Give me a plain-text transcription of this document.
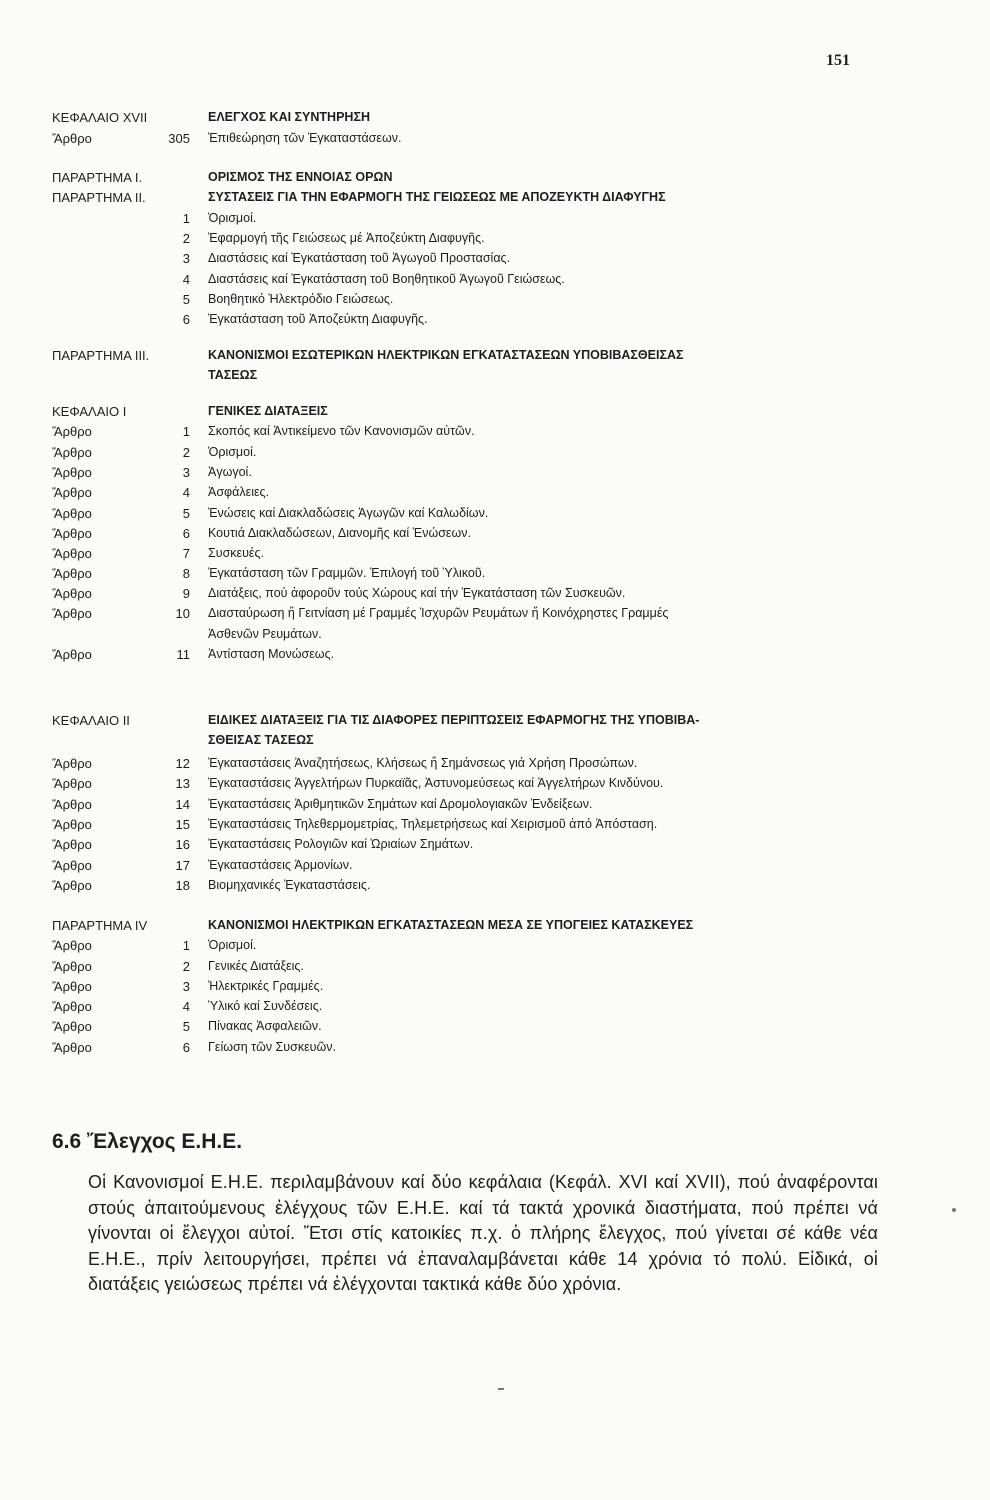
151
ΚΕΦΑΛΑΙΟ XVII	ΕΛΕΓΧΟΣ ΚΑΙ ΣΥΝΤΗΡΗΣΗ
Ἄρθρο	305 Ἐπιθεώρηση τῶν Ἐγκαταστάσεων.
ΠΑΡΑΡΤΗΜΑ Ι.	ΟΡΙΣΜΟΣ ΤΗΣ ΕΝΝΟΙΑΣ ΟΡΩΝ
ΠΑΡΑΡΤΗΜΑ ΙΙ.	ΣΥΣΤΑΣΕΙΣ ΓΙΑ ΤΗΝ ΕΦΑΡΜΟΓΗ ΤΗΣ ΓΕΙΩΣΕΩΣ ΜΕ ΑΠΟΖΕΥΚΤΗ ΔΙΑΦΥΓΗΣ
1 Ὁρισμοί.
2 Ἐφαρμογή τῆς Γειώσεως μέ Ἀποζεύκτη Διαφυγῆς.
3 Διαστάσεις καί Ἐγκατάσταση τοῦ Ἀγωγοῦ Προστασίας.
4 Διαστάσεις καί Ἐγκατάσταση τοῦ Βοηθητικοῦ Ἀγωγοῦ Γειώσεως.
5 Βοηθητικό Ἠλεκτρόδιο Γειώσεως.
6 Ἐγκατάσταση τοῦ Ἀποζεύκτη Διαφυγῆς.
ΠΑΡΑΡΤΗΜΑ ΙΙΙ.	ΚΑΝΟΝΙΣΜΟΙ ΕΣΩΤΕΡΙΚΩΝ ΗΛΕΚΤΡΙΚΩΝ ΕΓΚΑΤΑΣΤΑΣΕΩΝ ΥΠΟΒΙΒΑΣΘΕΙΣΑΣ
ΤΑΣΕΩΣ
ΚΕΦΑΛΑΙΟ Ι	ΓΕΝΙΚΕΣ ΔΙΑΤΑΞΕΙΣ
Ἄρθρο	1 Σκοπός καί Ἀντικείμενο τῶν Κανονισμῶν αὐτῶν.
Ἄρθρο	2 Ὁρισμοί.
Ἄρθρο	3 Ἀγωγοί.
Ἄρθρο	4 Ἀσφάλειες.
Ἄρθρο	5 Ἐνώσεις καί Διακλαδώσεις Ἀγωγῶν καί Καλωδίων.
Ἄρθρο	6 Κουτιά Διακλαδώσεων, Διανομῆς καί Ἐνώσεων.
Ἄρθρο	7 Συσκευές.
Ἄρθρο	8 Ἐγκατάσταση τῶν Γραμμῶν. Ἐπιλογή τοῦ Ὑλικοῦ.
Ἄρθρο	9 Διατάξεις, πού ἀφοροῦν τούς Χώρους καί τήν Ἐγκατάσταση τῶν Συσκευῶν.
Ἄρθρο	10 Διασταύρωση ἤ Γειτνίαση μέ Γραμμές Ἰσχυρῶν Ρευμάτων ἤ Κοινόχρηστες Γραμμές
Ἀσθενῶν Ρευμάτων.
Ἄρθρο	11 Ἀντίσταση Μονώσεως.
ΚΕΦΑΛΑΙΟ ΙΙ	ΕΙΔΙΚΕΣ ΔΙΑΤΑΞΕΙΣ ΓΙΑ ΤΙΣ ΔΙΑΦΟΡΕΣ ΠΕΡΙΠΤΩΣΕΙΣ ΕΦΑΡΜΟΓΗΣ ΤΗΣ ΥΠΟΒΙΒΑ-
ΣΘΕΙΣΑΣ ΤΑΣΕΩΣ
Ἄρθρο	12 Ἐγκαταστάσεις Ἀναζητήσεως, Κλήσεως ἤ Σημάνσεως γιά Χρήση Προσώπων.
Ἄρθρο	13 Ἐγκαταστάσεις Ἀγγελτήρων Πυρκαϊᾶς, Ἀστυνομεύσεως καί Ἀγγελτήρων Κινδύνου.
Ἄρθρο	14 Ἐγκαταστάσεις Ἀριθμητικῶν Σημάτων καί Δρομολογιακῶν Ἐνδείξεων.
Ἄρθρο	15 Ἐγκαταστάσεις Τηλεθερμομετρίας, Τηλεμετρήσεως καί Χειρισμοῦ ἀπό Ἀπόσταση.
Ἄρθρο	16 Ἐγκαταστάσεις Ρολογιῶν καί Ὡριαίων Σημάτων.
Ἄρθρο	17 Ἐγκαταστάσεις Ἀρμονίων.
Ἄρθρο	18 Βιομηχανικές Ἐγκαταστάσεις.
ΠΑΡΑΡΤΗΜΑ IV	ΚΑΝΟΝΙΣΜΟΙ ΗΛΕΚΤΡΙΚΩΝ ΕΓΚΑΤΑΣΤΑΣΕΩΝ ΜΕΣΑ ΣΕ ΥΠΟΓΕΙΕΣ ΚΑΤΑΣΚΕΥΕΣ
Ἄρθρο	1 Ὁρισμοί.
Ἄρθρο	2 Γενικές Διατάξεις.
Ἄρθρο	3 Ἠλεκτρικές Γραμμές.
Ἄρθρο	4 Ὑλικό καί Συνδέσεις.
Ἄρθρο	5 Πίνακας Ἀσφαλειῶν.
Ἄρθρο	6 Γείωση τῶν Συσκευῶν.
6.6 Ἔλεγχος Ε.Η.Ε.

Οἱ Κανονισμοί Ε.Η.Ε. περιλαμβάνουν καί δύο κεφάλαια (Κεφάλ. XVI καί XVII), πού ἀναφέρονται στούς ἀπαιτούμενους ἐλέγχους τῶν Ε.Η.Ε. καί τά τακτά χρονικά διαστήματα, πού πρέπει νά γίνονται οἱ ἔλεγχοι αὐτοί. Ἔτσι στίς κατοικίες π.χ. ὁ πλήρης ἔλεγχος, πού γίνεται σέ κάθε νέα Ε.Η.Ε., πρίν λειτουργήσει, πρέπει νά ἐπαναλαμβάνεται κάθε 14 χρόνια τό πολύ. Εἰδικά, οἱ διατάξεις γειώσεως πρέπει νά ἐλέγχονται τακτικά κάθε δύο χρόνια.
